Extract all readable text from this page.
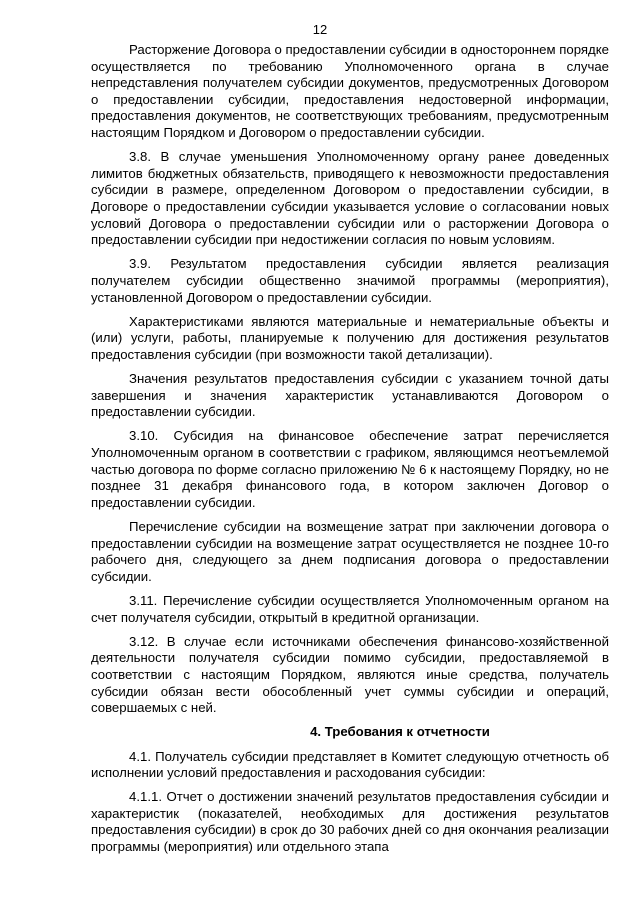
12

Расторжение Договора о предоставлении субсидии в одностороннем порядке осуществляется по требованию Уполномоченного органа в случае непредставления получателем субсидии документов, предусмотренных Договором о предоставлении субсидии, предоставления недостоверной информации, предоставления документов, не соответствующих требованиям, предусмотренным настоящим Порядком и Договором о предоставлении субсидии.

3.8. В случае уменьшения Уполномоченному органу ранее доведенных лимитов бюджетных обязательств, приводящего к невозможности предоставления субсидии в размере, определенном Договором о предоставлении субсидии, в Договоре о предоставлении субсидии указывается условие о согласовании новых условий Договора о предоставлении субсидии или о расторжении Договора о предоставлении субсидии при недостижении согласия по новым условиям.

3.9. Результатом предоставления субсидии является реализация получателем субсидии общественно значимой программы (мероприятия), установленной Договором о предоставлении субсидии.

Характеристиками являются материальные и нематериальные объекты и (или) услуги, работы, планируемые к получению для достижения результатов предоставления субсидии (при возможности такой детализации).

Значения результатов предоставления субсидии с указанием точной даты завершения и значения характеристик устанавливаются Договором о предоставлении субсидии.

3.10. Субсидия на финансовое обеспечение затрат перечисляется Уполномоченным органом в соответствии с графиком, являющимся неотъемлемой частью договора по форме согласно приложению № 6 к настоящему Порядку, но не позднее 31 декабря финансового года, в котором заключен Договор о предоставлении субсидии.

Перечисление субсидии на возмещение затрат при заключении договора о предоставлении субсидии на возмещение затрат осуществляется не позднее 10-го рабочего дня, следующего за днем подписания договора о предоставлении субсидии.

3.11. Перечисление субсидии осуществляется Уполномоченным органом на счет получателя субсидии, открытый в кредитной организации.

3.12. В случае если источниками обеспечения финансово-хозяйственной деятельности получателя субсидии помимо субсидии, предоставляемой в соответствии с настоящим Порядком, являются иные средства, получатель субсидии обязан вести обособленный учет суммы субсидии и операций, совершаемых с ней.

4. Требования к отчетности

4.1. Получатель субсидии представляет в Комитет следующую отчетность об исполнении условий предоставления и расходования субсидии:

4.1.1. Отчет о достижении значений результатов предоставления субсидии и характеристик (показателей, необходимых для достижения результатов предоставления субсидии) в срок до 30 рабочих дней со дня окончания реализации программы (мероприятия) или отдельного этапа
